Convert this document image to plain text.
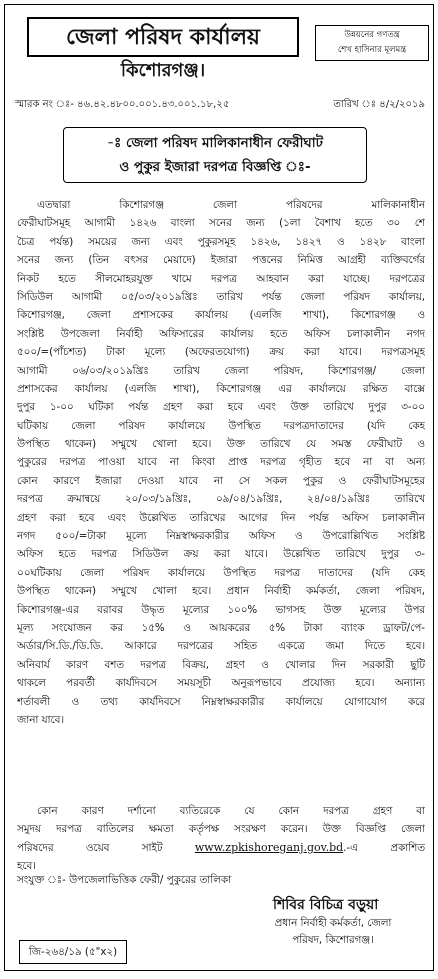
জেলা পরিষদ কার্যালয়
কিশোরগঞ্জ।
উন্নয়নের গণতন্ত্র
শেখ হাসিনার মূলমন্ত্র
স্মারক নং ঃ- ৪৬.৪২.৪৮০০.০০১.৪৩.০০১.১৮,২৫	তারিখ ঃ ৪/২/২০১৯
-ঃ জেলা পরিষদ মালিকানাধীন ফেরীঘাট
ও পুকুর ইজারা দরপত্র বিজ্ঞপ্তি ঃ-
এতদ্বারা কিশোরগঞ্জ জেলা পরিষদের মালিকানাধীন
ফেরীঘাটসমূহ আগামী ১৪২৬ বাংলা সনের জন্য (১লা বৈশাখ হতে ৩০ শে
চৈত্র পর্যন্ত) সময়ের জন্য এবং পুকুরসমূহ ১৪২৬, ১৪২৭ ও ১৪২৮ বাংলা
সনের জন্য (তিন বৎসর মেয়াদে) ইজারা পত্তনের নিমিত্ত আগ্রহী ব্যক্তিবর্গের
নিকট হতে সীলমোহরযুক্ত খামে দরপত্র আহবান করা যাচ্ছে। দরপত্রের
সিডিউল আগামী ০৫/০৩/২০১৯খ্রিঃ তারিখ পর্যন্ত জেলা পরিষদ কার্যালয়,
কিশোরগঞ্জ, জেলা প্রশাসকের কার্যালয় (এলজি শাখা), কিশোরগঞ্জ ও
সংশ্লিষ্ট উপজেলা নির্বাহী অফিসারের কার্যালয় হতে অফিস চলাকালীন নগদ
৫০০/=(পাঁচশত) টাকা মূল্যে (অফেরতযোগ্য) ক্রয় করা যাবে। দরপত্রসমূহ
আগামী ০৬/০৩/২০১৯খ্রিঃ তারিখ জেলা পরিষদ, কিশোরগঞ্জ/ জেলা
প্রশাসকের কার্যালয় (এলজি শাখা), কিশোরগঞ্জ এর কার্যালয়ে রক্ষিত বাক্সে
দুপুর ১-০০ ঘটিকা পর্যন্ত গ্রহণ করা হবে এবং উক্ত তারিখে দুপুর ৩-০০
ঘটিকায় জেলা পরিষদ কার্যালয়ে উপস্থিত দরপত্রদাতাদের (যদি কেহ
উপস্থিত থাকেন) সম্মুখে খোলা হবে। উক্ত তারিখে যে সমস্ত ফেরীঘাট ও
পুকুরের দরপত্র পাওয়া যাবে না কিংবা প্রাপ্ত দরপত্র গৃহীত হবে না বা অন্য
কোন কারণে ইজারা দেওয়া যাবে না সে সকল পুকুর ও ফেরীঘাটসমূহের
দরপত্র ক্রমান্বয়ে ২০/০৩/১৯খ্রিঃ, ০৯/০৪/১৯খ্রিঃ, ২৪/০৪/১৯খ্রিঃ তারিখে
গ্রহণ করা হবে এবং উল্লেখিত তারিখের আগের দিন পর্যন্ত অফিস চলাকালীন
নগদ ৫০০/=টাকা মূল্যে নিম্নস্বাক্ষরকারীর অফিস ও উপরোল্লিখিত সংশ্লিষ্ট
অফিস হতে দরপত্র সিডিউল ক্রয় করা যাবে। উল্লেখিত তারিখে দুপুর ৩-
০০ঘটিকায় জেলা পরিষদ কার্যালয়ে উপস্থিত দরপত্র দাতাদের (যদি কেহ
উপস্থিত থাকেন) সম্মুখে খোলা হবে। প্রধান নির্বাহী কর্মকর্তা, জেলা পরিষদ,
কিশোরগঞ্জ-এর বরাবর উদ্ধৃত মূল্যের ১০০% ভাগসহ উক্ত মূল্যের উপর
মূল্য সংযোজন কর ১৫% ও আয়করের ৫% টাকা ব্যাংক ড্রাফট/পে-
অর্ডার/সি.ডি./ডি.ডি. আকারে দরপত্রের সহিত একত্রে জমা দিতে হবে।
অনিবার্য কারণ বশত দরপত্র বিক্রয়, গ্রহণ ও খোলার দিন সরকারী ছুটি
থাকলে পরবর্তী কার্যদিবসে সময়সূচী অনুরূপভাবে প্রযোজ্য হবে। অন্যান্য
শর্তাবলী ও তথ্য কার্যদিবসে নিম্নস্বাক্ষরকারীর কার্যালয়ে যোগাযোগ করে
জানা যাবে।
কোন কারণ দর্শানো ব্যতিরেকে যে কোন দরপত্র গ্রহণ বা
সমুদয় দরপত্র বাতিলের ক্ষমতা কর্তৃপক্ষ সংরক্ষণ করেন। উক্ত বিজ্ঞপ্তি জেলা
পরিষদের ওয়েব সাইট www.zpkishoreganj.gov.bd.-এ প্রকাশিত
হবে।
সংযুক্ত ঃ- উপজেলাভিত্তিক ফেরী/ পুকুরের তালিকা
শিবির বিচিত্র বড়ুয়া
প্রধান নির্বাহী কর্মকর্তা, জেলা
পরিষদ, কিশোরগঞ্জ।
জি-২৬৪/১৯ (৫"x২)
